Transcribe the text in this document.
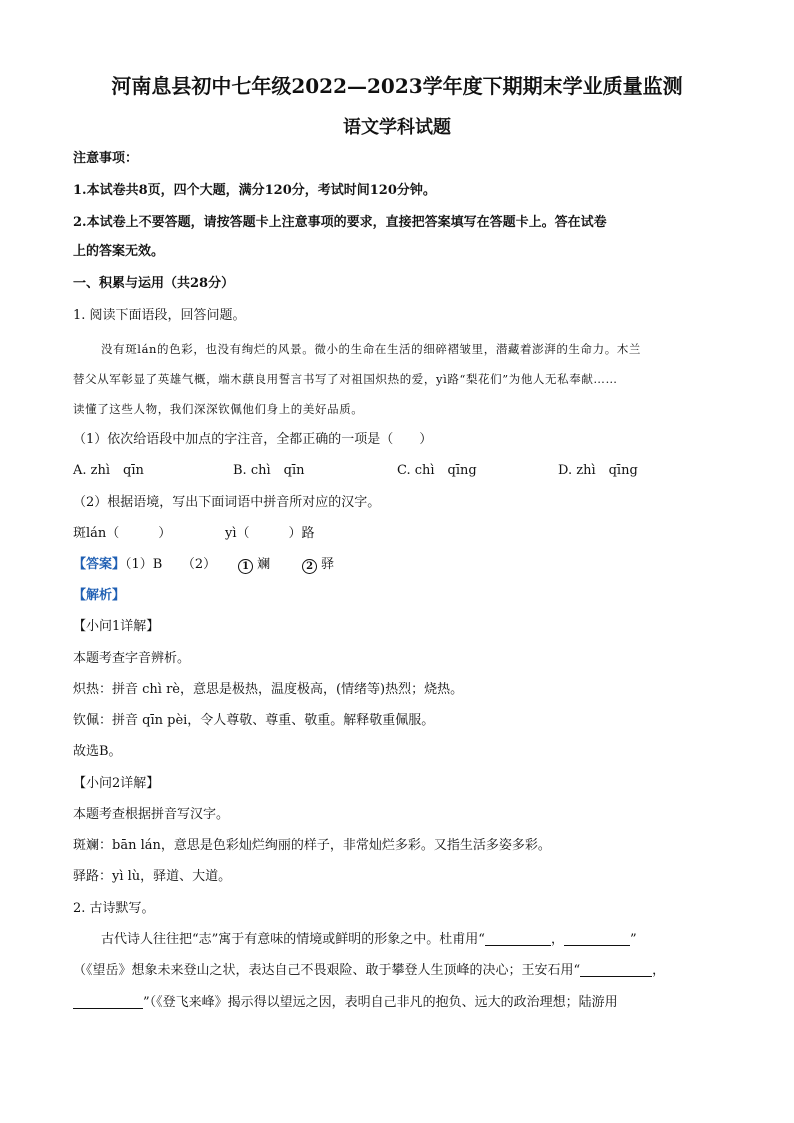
河南息县初中七年级2022—2023学年度下期期末学业质量监测
语文学科试题
注意事项：
1.本试卷共8页，四个大题，满分120分，考试时间120分钟。
2.本试卷上不要答题，请按答题卡上注意事项的要求，直接把答案填写在答题卡上。答在试卷
上的答案无效。
一、积累与运用（共28分）
1. 阅读下面语段，回答问题。
没有斑lán的色彩，也没有绚烂的风景。微小的生命在生活的细碎褶皱里，潜藏着澎湃的生命力。木兰
替父从军彰显了英雄气概，端木蕻良用誓言书写了对祖国炽热的爱，yì路“梨花们”为他人无私奉献……
读懂了这些人物，我们深深钦佩他们身上的美好品质。
（1）依次给语段中加点的字注音，全都正确的一项是（　　）
A. zhì　qīn	B. chì　qīn	C. chì　qīng	D. zhì　qīng
（2）根据语境，写出下面词语中拼音所对应的汉字。
斑lán（　　　）	yì（　　　）路
【答案】（1）B　　（2）	1 斓	2 驿
【解析】
【小问1详解】
本题考查字音辨析。
炽热：拼音 chì rè，意思是极热，温度极高，(情绪等)热烈；烧热。
钦佩：拼音 qīn pèi，令人尊敬、尊重、敬重。解释敬重佩服。
故选B。
【小问2详解】
本题考查根据拼音写汉字。
斑斓：bān lán，意思是色彩灿烂绚丽的样子，非常灿烂多彩。又指生活多姿多彩。
驿路：yì lù，驿道、大道。
2. 古诗默写。
古代诗人往往把“志”寓于有意味的情境或鲜明的形象之中。杜甫用“	，	”
（《望岳》想象未来登山之状，表达自己不畏艰险、敢于攀登人生顶峰的决心；王安石用“	，
”（《登飞来峰》揭示得以望远之因，表明自己非凡的抱负、远大的政治理想；陆游用
